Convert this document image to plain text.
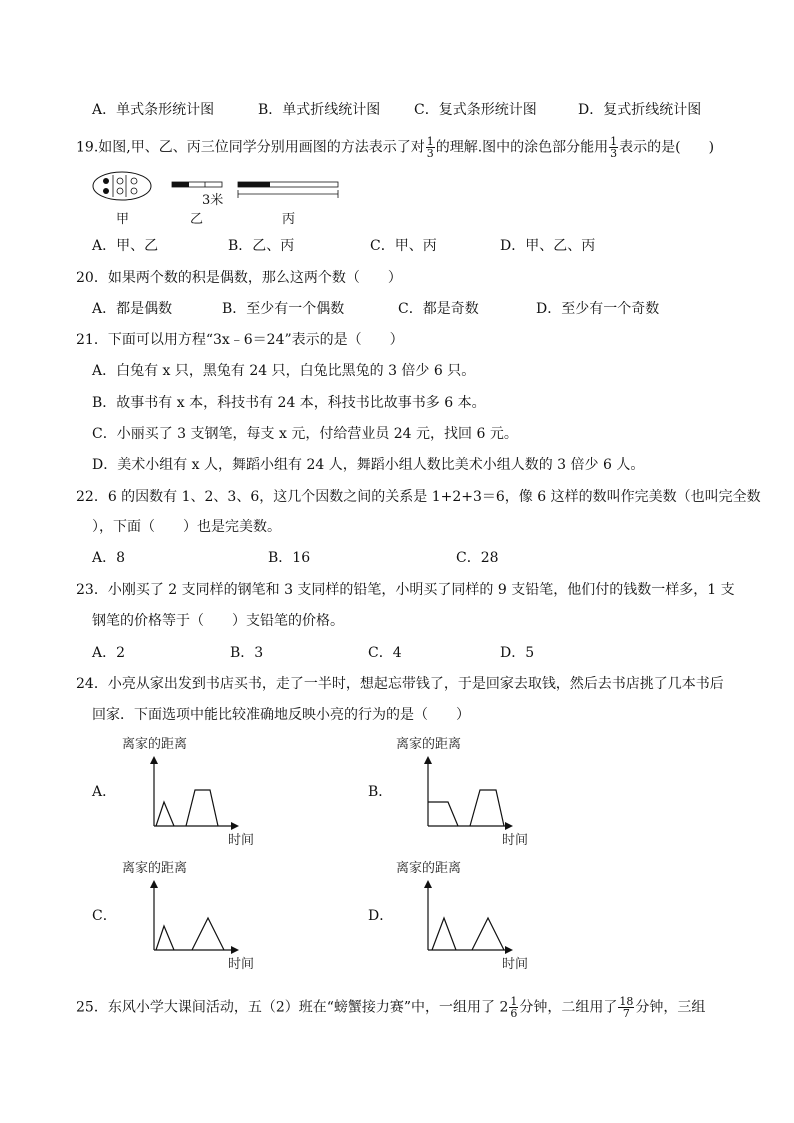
A．单式条形统计图	B．单式折线统计图 C．复式条形统计图	D．复式折线统计图
19.如图,甲、乙、丙三位同学分别用画图的方法表示了对 $\frac{1}{3}$ 的理解.图中的涂色部分能用 $\frac{1}{3}$ 表示的是(　　)
3米
甲	乙	丙
A．甲、乙	B．乙、丙	C．甲、丙	D．甲、乙、丙
20．如果两个数的积是偶数，那么这两个数（　　）
A．都是偶数	B．至少有一个偶数	C．都是奇数	D．至少有一个奇数
21．下面可以用方程“3x﹣6＝24”表示的是（　　）
A．白兔有 x 只，黑兔有 24 只，白兔比黑兔的 3 倍少 6 只。
B．故事书有 x 本，科技书有 24 本，科技书比故事书多 6 本。
C．小丽买了 3 支钢笔，每支 x 元，付给营业员 24 元，找回 6 元。
D．美术小组有 x 人，舞蹈小组有 24 人，舞蹈小组人数比美术小组人数的 3 倍少 6 人。
22．6 的因数有 1、2、3、6，这几个因数之间的关系是 1+2+3＝6，像 6 这样的数叫作完美数（也叫完全数
），下面（　　）也是完美数。
A．8	B．16	C．28
23．小刚买了 2 支同样的钢笔和 3 支同样的铅笔，小明买了同样的 9 支铅笔，他们付的钱数一样多，1 支
钢笔的价格等于（　　）支铅笔的价格。
A．2	B．3	C．4	D．5
24．小亮从家出发到书店买书，走了一半时，想起忘带钱了，于是回家去取钱，然后去书店挑了几本书后
回家．下面选项中能比较准确地反映小亮的行为的是（　　）
A．
离家的距离
时间
B．
离家的距离
时间
C．
离家的距离
时间
D．
离家的距离
时间
25．东风小学大课间活动，五（2）班在“螃蟹接力赛”中，一组用了 $2 \frac{1}{6}$ 分钟，二组用了 $\frac{18}{7}$ 分钟，三组
